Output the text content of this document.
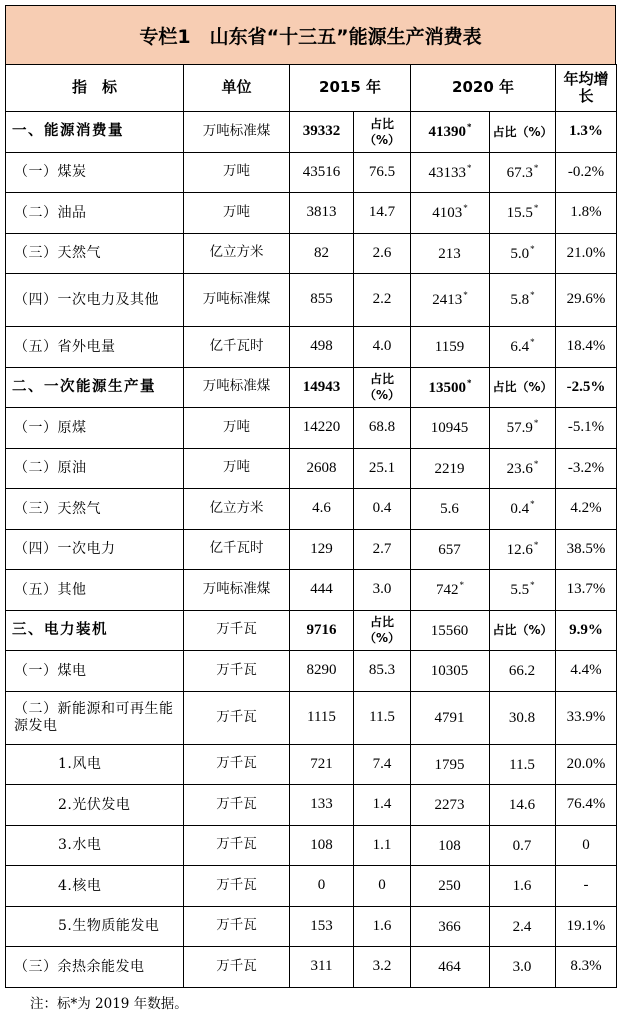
专栏1　山东省“十三五”能源生产消费表
指　标	单位	2015 年		2020 年		年均增长
一、能源消费量	万吨标准煤	39332	占比（%）	41390*	占比（%）	1.3%
（一）煤炭	万吨	43516	76.5	43133*	67.3*	-0.2%
（二）油品	万吨	3813	14.7	4103*	15.5*	1.8%
（三）天然气	亿立方米	82	2.6	213	5.0*	21.0%
（四）一次电力及其他	万吨标准煤	855	2.2	2413*	5.8*	29.6%
（五）省外电量	亿千瓦时	498	4.0	1159	6.4*	18.4%
二、一次能源生产量	万吨标准煤	14943	占比（%）	13500*	占比（%）	-2.5%
（一）原煤	万吨	14220	68.8	10945	57.9*	-5.1%
（二）原油	万吨	2608	25.1	2219	23.6*	-3.2%
（三）天然气	亿立方米	4.6	0.4	5.6	0.4*	4.2%
（四）一次电力	亿千瓦时	129	2.7	657	12.6*	38.5%
（五）其他	万吨标准煤	444	3.0	742*	5.5*	13.7%
三、电力装机	万千瓦	9716	占比（%）	15560	占比（%）	9.9%
（一）煤电	万千瓦	8290	85.3	10305	66.2	4.4%
（二）新能源和可再生能源发电	万千瓦	1115	11.5	4791	30.8	33.9%
1.风电	万千瓦	721	7.4	1795	11.5	20.0%
2.光伏发电	万千瓦	133	1.4	2273	14.6	76.4%
3.水电	万千瓦	108	1.1	108	0.7	0
4.核电	万千瓦	0	0	250	1.6	-
5.生物质能发电	万千瓦	153	1.6	366	2.4	19.1%
（三）余热余能发电	万千瓦	311	3.2	464	3.0	8.3%
注：标*为 2019 年数据。
